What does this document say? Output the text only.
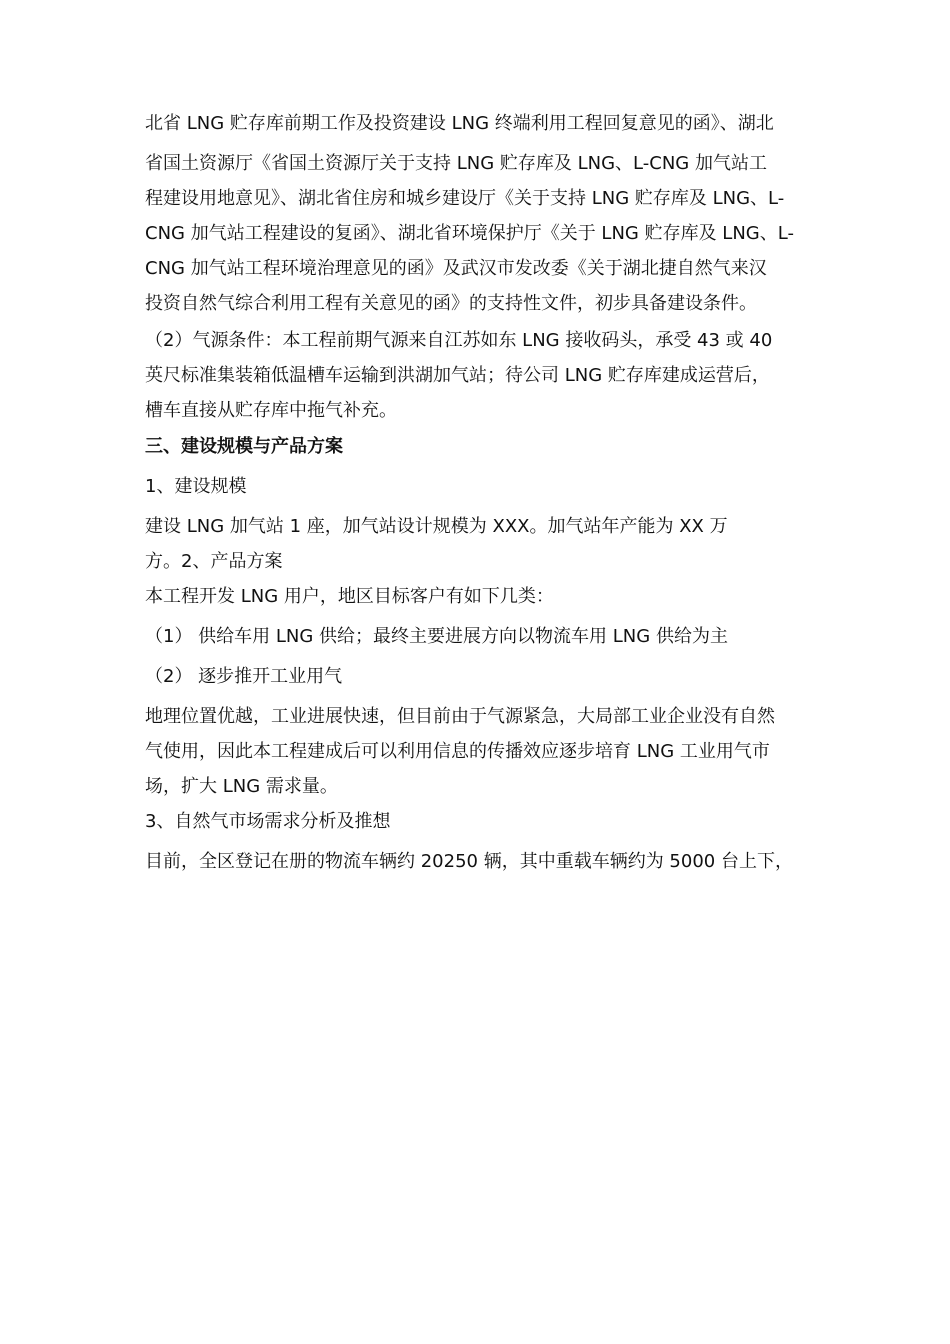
北省 LNG 贮存库前期工作及投资建设 LNG 终端利用工程回复意见的函》、湖北
省国土资源厅《省国土资源厅关于支持 LNG 贮存库及 LNG、L-CNG 加气站工
程建设用地意见》、湖北省住房和城乡建设厅《关于支持 LNG 贮存库及 LNG、L-
CNG 加气站工程建设的复函》、湖北省环境保护厅《关于 LNG 贮存库及 LNG、L-
CNG 加气站工程环境治理意见的函》及武汉市发改委《关于湖北捷自然气来汉
投资自然气综合利用工程有关意见的函》的支持性文件，初步具备建设条件。
（2）气源条件：本工程前期气源来自江苏如东 LNG 接收码头，承受 43 或 40
英尺标准集装箱低温槽车运输到洪湖加气站；待公司 LNG 贮存库建成运营后，
槽车直接从贮存库中拖气补充。
三、建设规模与产品方案
1、建设规模
建设 LNG 加气站 1 座，加气站设计规模为 XXX。加气站年产能为 XX 万
方。2、产品方案
本工程开发 LNG 用户，地区目标客户有如下几类：
（1） 供给车用 LNG 供给；最终主要进展方向以物流车用 LNG 供给为主
（2） 逐步推开工业用气
地理位置优越，工业进展快速，但目前由于气源紧急，大局部工业企业没有自然
气使用，因此本工程建成后可以利用信息的传播效应逐步培育 LNG 工业用气市
场，扩大 LNG 需求量。
3、自然气市场需求分析及推想
目前，全区登记在册的物流车辆约 20250 辆，其中重载车辆约为 5000 台上下，
